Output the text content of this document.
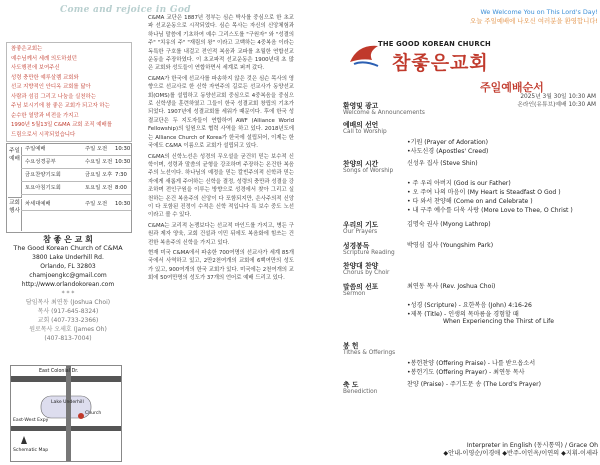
Come and rejoice in God
참좋은교회는
예수님께서 세례 의도하셨던
사도행전에 보여주신
성령 충만한 예루살렘 교회와
선교 지향적인 안디옥 교회를 닮아
사람과 섬김 그리고 나눔을 실천하는
주님 보시기에 참 좋은 교회가 되고자 하는
순수한 열망과 비전을 가지고
1990년 5월13일 C&MA 교회 조직 예배를
드림으로서 시작되었습니다
주일예배
교회행사
주일예배	주일 오전 10:30
수요성경공부	수요일 오전 10:30
금요찬양기도회	금요일 오후 7:30
토요아침기도회	토요일 오전 8:00
차세대예배	주일 오전 10:30
참 좋 은 교 회
The Good Korean Church of C&MA
3800 Lake Underhill Rd.
Orlando, FL 32803
chamjoengkc@gmail.com
http://www.orlandokorean.com
* * *
담임목사 최연동 (Joshua Choi)
목사 (917-645-8324)
교회 (407-733-2366)
원로목사 오세호 (James Oh)
(407-813-7004)
East Colonial Dr.
Lake Underhill
East-West Expy
Schematic Map
Church

C&MA 교단은 1887년 정부는 심슨 박사를 중심으로 한 초교파 선교운동으로 시작되었다. 심슨 목사는 자신의 신앙체험과 하나님 말씀에 기초하여 예수 그리스도를 "구원자" 와 "성결의 주" "치유의 주" "재림의 왕" 이라고 고백하는 4중복음 이라는 독특한 구호를 내걸고 전인적 복음과 교파를 초월한 연합선교운동을 주장하였다. 이 초교파적 선교운동은 1900년대 초 많은 교회와 성도들이 연합하면서 세계로 퍼져 갔다.

C&MA가 한국에 선교사를 파송하지 않은 것은 심슨 목사의 영향으로 선교사로 한 신학 자연주의 길로든 선교사가 동양선교회(OMS)를 설립하고 동양선교회 중심으로 4중복음을 중심으로 신학생을 훈련하였고 그들이 한국 성결교회 창립의 기초가 되었다. 1907년에 성결교회를 세워가 때문이다. 후에 한국 성결교단은 두 지도자들이 연합하여 AWF (Alliance World Fellowship)의 일원으로 협력 사역을 하고 있다. 2018년도에는 Alliance Church of Korea가 한국에 설립되어, 이제는 한국에도 C&MA 이름으로 교회가 설립되고 있다.

C&MA의 신학노선은 성경의 무오설을 굳건히 믿는 보수적 신학이며, 성령과 말씀의 균형을 강조하며 주장하는 온건한 복음주의 노선이다. 하나님의 예정을 믿는 칼빈주의적 신학과 믿는 자에게 새롭게 주어하는 신학을 결정, 성령의 충만과 성결을 강조하며 전인구원을 이루는 방향으로 성경에서 찾아 그리고 실천하는 온건 복음주의 신앙이 다 포함되지만, 은사주의적 신앙이 다 포함된 진정이 수적은 신학 적입니다 특 보수 중도 노선이라고 볼 수 있다.

C&MA는 교리적 논쟁보다는 선교적 마인드를 가지고, 병든 구원과 제자 양육, 교회 건설과 이민 뒤에도 복음화에 힘쓰는 건전한 복음주의 신학을 가지고 있다.

현재 미국 C&MA에서 파송한 700여명의 선교사가 세계 85개국에서 사역하고 있고, 2만2천여개의 교회에 6백여만의 성도가 있고, 900여개의 한국 교회가 있다. 미국에는 2천여개의 교회에 50여만명의 성도가 37개의 언어로 예배 드리고 있다.

We Welcome You on This Lord's Day!
오늘 주일예배에 나오신 여러분을 환영합니다!
THE GOOD KOREAN CHURCH
참좋은교회
주일예배순서
2025년 3월 30일 10:30 AM
온라인(유튜브)예배 10:30 AM
환영및 광고
Welcome & Announcements
예배의 선언
Call to Worship
•기원 (Prayer of Adoration)
•사도신경 (Apostles' Creed)
찬양의 시간
Songs of Worship
신성우 집사 (Steve Shin)
• 주 우리 아버지 (God is our Father)
• 오 주여 나의 마음이 (My Heart is Steadfast O God )
• 다 와서 찬양해 (Come on and Celebrate )
• 내 구주 예수를 더욱 사랑 (More Love to Thee, O Christ )
우리의 기도
Our Prayers
김명숙 권사 (Myong Lathrop)
성경봉독
Scripture Reading
박영심 집사 (Youngshim Park)
찬양대 찬양
Chorus by Choir
말씀의 선포
Sermon
최연동 목사 (Rev. Joshua Choi)
•성경 (Scripture) - 요한복음 (John) 4:16-26
•제목 (Title) - 인생의 목마름을 경험할 때
When Experiencing the Thirst of Life
봉 헌
Tithes & Offerings
•봉헌찬양 (Offering Praise) - 나를 받으옵소서
•봉헌기도 (Offering Prayer) - 최연동 목사
축 도
Benediction
찬양 (Praise) - 주기도문 송 (The Lord's Prayer)
Interpreter in English (동시통역) / Grace Oh
◆안내-이영순/이경애 ◆반주-이인옥/이연의 ◆지휘-이세라
